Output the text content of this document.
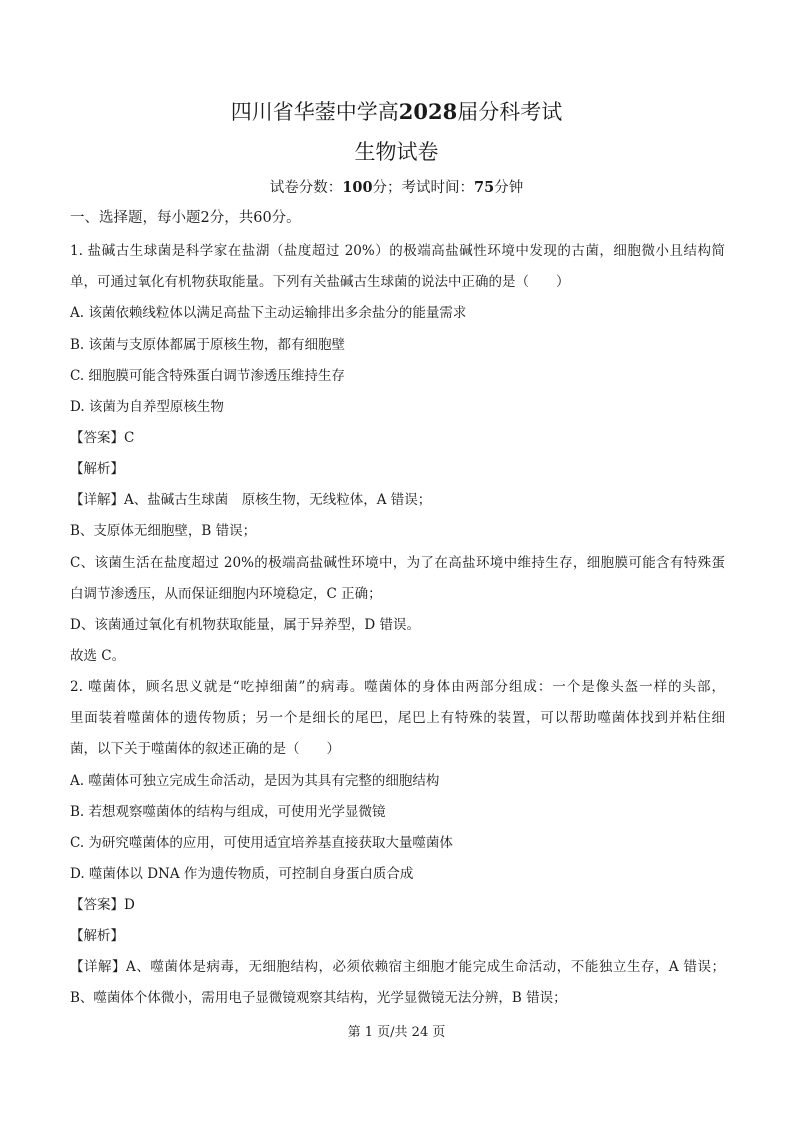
四川省华蓥中学高2028届分科考试
生物试卷
试卷分数：100分；考试时间：75分钟
一、选择题，每小题2分，共60分。
1. 盐碱古生球菌是科学家在盐湖（盐度超过 20%）的极端高盐碱性环境中发现的古菌，细胞微小且结构简
单，可通过氧化有机物获取能量。下列有关盐碱古生球菌的说法中正确的是（　　）
A. 该菌依赖线粒体以满足高盐下主动运输排出多余盐分的能量需求
B. 该菌与支原体都属于原核生物，都有细胞壁
C. 细胞膜可能含特殊蛋白调节渗透压维持生存
D. 该菌为自养型原核生物
【答案】C
【解析】
【详解】A、盐碱古生球菌　原核生物，无线粒体，A 错误；
B、支原体无细胞壁，B 错误；
C、该菌生活在盐度超过 20%的极端高盐碱性环境中，为了在高盐环境中维持生存，细胞膜可能含有特殊蛋
白调节渗透压，从而保证细胞内环境稳定，C 正确；
D、该菌通过氧化有机物获取能量，属于异养型，D 错误。
故选 C。
2. 噬菌体，顾名思义就是“吃掉细菌”的病毒。噬菌体的身体由两部分组成：一个是像头盔一样的头部，
里面装着噬菌体的遗传物质；另一个是细长的尾巴，尾巴上有特殊的装置，可以帮助噬菌体找到并粘住细
菌，以下关于噬菌体的叙述正确的是（　　）
A. 噬菌体可独立完成生命活动，是因为其具有完整的细胞结构
B. 若想观察噬菌体的结构与组成，可使用光学显微镜
C. 为研究噬菌体的应用，可使用适宜培养基直接获取大量噬菌体
D. 噬菌体以 DNA 作为遗传物质，可控制自身蛋白质合成
【答案】D
【解析】
【详解】A、噬菌体是病毒，无细胞结构，必须依赖宿主细胞才能完成生命活动，不能独立生存，A 错误；
B、噬菌体个体微小，需用电子显微镜观察其结构，光学显微镜无法分辨，B 错误；
第 1 页/共 24 页
